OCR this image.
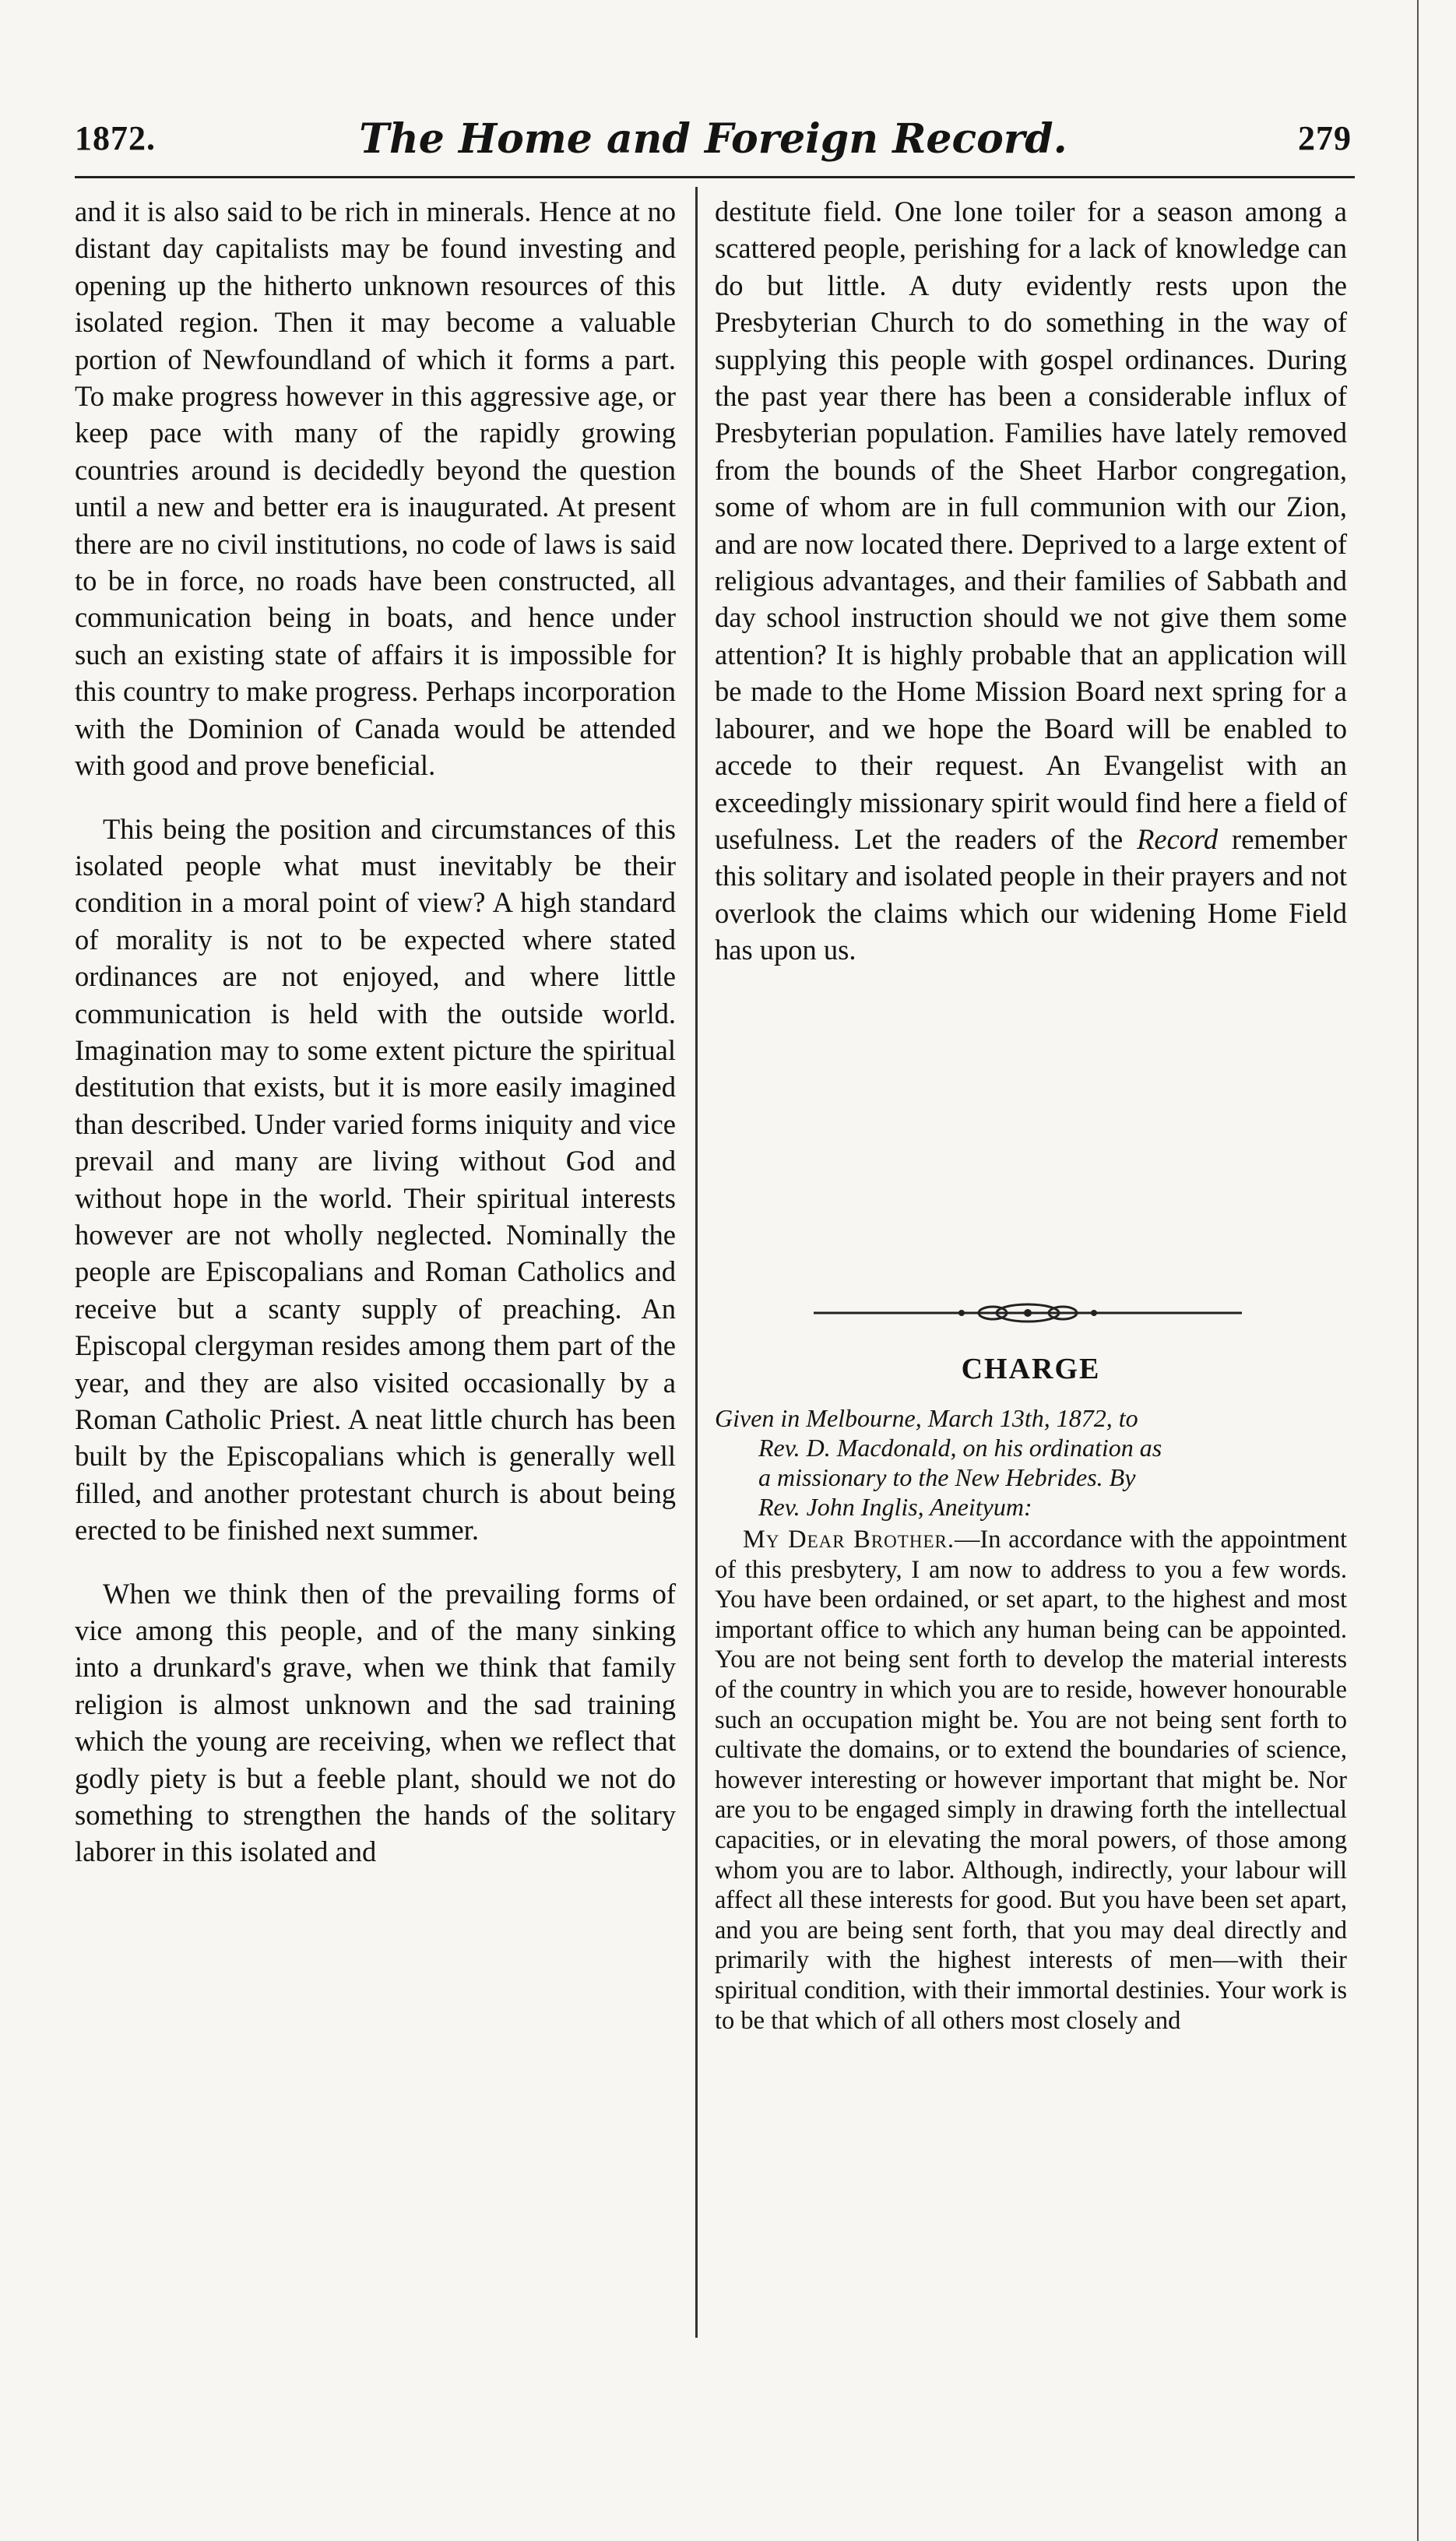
1872.	The Home and Foreign Record.	279

and it is also said to be rich in minerals. Hence at no distant day capitalists may be found investing and opening up the hitherto unknown resources of this isolated region. Then it may become a valuable portion of Newfoundland of which it forms a part. To make progress however in this aggressive age, or keep pace with many of the rapidly growing countries around is decidedly beyond the question until a new and better era is inaugurated. At present there are no civil institutions, no code of laws is said to be in force, no roads have been constructed, all communication being in boats, and hence under such an existing state of affairs it is impossible for this country to make progress. Perhaps incorporation with the Dominion of Canada would be attended with good and prove beneficial.

This being the position and circumstances of this isolated people what must inevitably be their condition in a moral point of view? A high standard of morality is not to be expected where stated ordinances are not enjoyed, and where little communication is held with the outside world. Imagination may to some extent picture the spiritual destitution that exists, but it is more easily imagined than described. Under varied forms iniquity and vice prevail and many are living without God and without hope in the world. Their spiritual interests however are not wholly neglected. Nominally the people are Episcopalians and Roman Catholics and receive but a scanty supply of preaching. An Episcopal clergyman resides among them part of the year, and they are also visited occasionally by a Roman Catholic Priest. A neat little church has been built by the Episcopalians which is generally well filled, and another protestant church is about being erected to be finished next summer.

When we think then of the prevailing forms of vice among this people, and of the many sinking into a drunkard's grave, when we think that family religion is almost unknown and the sad training which the young are receiving, when we reflect that godly piety is but a feeble plant, should we not do something to strengthen the hands of the solitary laborer in this isolated and

destitute field. One lone toiler for a season among a scattered people, perishing for a lack of knowledge can do but little. A duty evidently rests upon the Presbyterian Church to do something in the way of supplying this people with gospel ordinances. During the past year there has been a considerable influx of Presbyterian population. Families have lately removed from the bounds of the Sheet Harbor congregation, some of whom are in full communion with our Zion, and are now located there. Deprived to a large extent of religious advantages, and their families of Sabbath and day school instruction should we not give them some attention? It is highly probable that an application will be made to the Home Mission Board next spring for a labourer, and we hope the Board will be enabled to accede to their request. An Evangelist with an exceedingly missionary spirit would find here a field of usefulness. Let the readers of the Record remember this solitary and isolated people in their prayers and not overlook the claims which our widening Home Field has upon us.

CHARGE
Given in Melbourne, March 13th, 1872, to
Rev. D. Macdonald, on his ordination as
a missionary to the New Hebrides. By
Rev. John Inglis, Aneityum:

My Dear Brother.—In accordance with the appointment of this presbytery, I am now to address to you a few words. You have been ordained, or set apart, to the highest and most important office to which any human being can be appointed. You are not being sent forth to develop the material interests of the country in which you are to reside, however honourable such an occupation might be. You are not being sent forth to cultivate the domains, or to extend the boundaries of science, however interesting or however important that might be. Nor are you to be engaged simply in drawing forth the intellectual capacities, or in elevating the moral powers, of those among whom you are to labor. Although, indirectly, your labour will affect all these interests for good. But you have been set apart, and you are being sent forth, that you may deal directly and primarily with the highest interests of men—with their spiritual condition, with their immortal destinies. Your work is to be that which of all others most closely and
